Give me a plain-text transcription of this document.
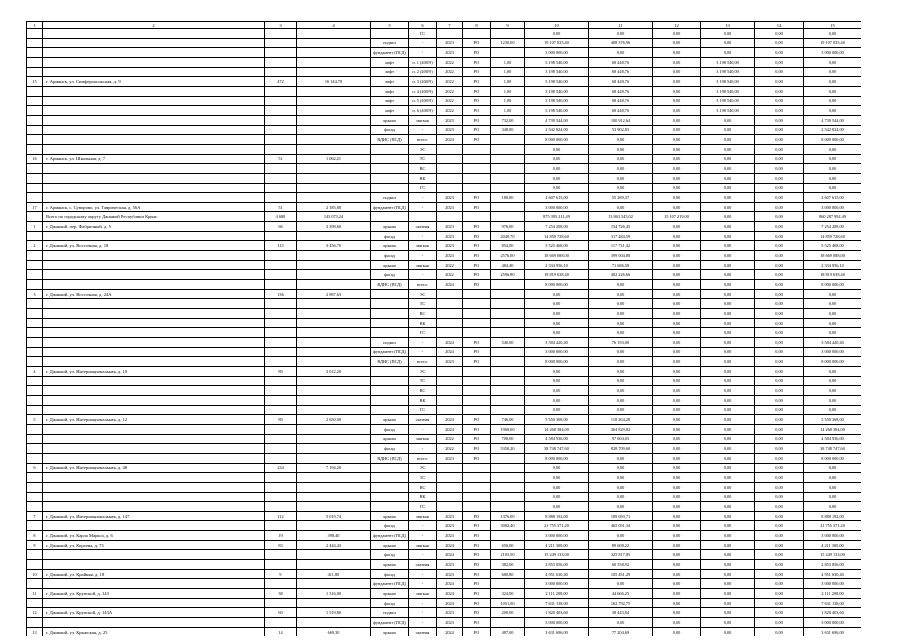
1	2	3	4	5	6	7	8	9	10	11	12	13	14	15
					ГС				0,00	0,00	0,00	0,00	0,00	0,00
				подвал	-	2023	РО	1230,00	19 107 035,40	408 376,96	0,00	0,00	0,00	19 107 035,40
				фундамент (ПСД)	-	2023	РО		3 000 000,00	0,00	0,00	0,00	0,00	3 000 000,00
				лифт	п. 1 (400/9)	2022	РО	1,00	3 198 540,00	68 448,76	0,00	3 198 540,00	0,00	0,00
				лифт	п. 2 (400/9)	2022	РО	1,00	3 198 540,00	68 448,76	0,00	3 198 540,00	0,00	0,00
15	г. Армянск, ул. Симферопольская, д. 9	472	16 144,70	лифт	п. 3 (400/9)	2022	РО	1,00	3 198 540,00	68 448,76	0,00	3 198 540,00	0,00	0,00
				лифт	п. 4 (400/9)	2022	РО	1,00	3 198 540,00	68 448,76	0,00	3 198 540,00	0,00	0,00
				лифт	п. 5 (400/9)	2022	РО	1,00	3 198 540,00	68 448,76	0,00	3 198 540,00	0,00	0,00
				лифт	п. 6 (400/9)	2022	РО	1,00	3 198 540,00	68 448,76	0,00	3 198 540,00	0,00	0,00
				крыша	мягкая	2023	РО	732,00	4 739 544,00	100 912,64	0,00	0,00	0,00	4 739 544,00
				фасад	-	2023	РО	348,00	2 542 824,00	53 902,83	0,00	0,00	0,00	2 542 824,00
				ВДИС (ПСД)	всего:	2024	РО		8 000 000,00	0,00	0,00	0,00	0,00	8 000 000,00
					ЭС				0,00	0,00	0,00	0,00	0,00	0,00
16	г. Армянск, ул. Школьная, д. 7	51	1 062,21		ТС				0,00	0,00	0,00	0,00	0,00	0,00
					ВС				0,00	0,00	0,00	0,00	0,00	0,00
					ВК				0,00	0,00	0,00	0,00	0,00	0,00
					ГС				0,00	0,00	0,00	0,00	0,00	0,00
				подвал	-	2023	РО	180,00	2 607 615,00	55 289,37	0,00	0,00	0,00	2 607 615,00
17	г. Армянск, с. Суворово, ул. Таврическая, д. 56А	51	2 185,80	фундамент (ПСД)	-	2023	РО		3 000 000,00	0,00	0,00	0,00	0,00	3 000 000,00
	Всего по городскому округу Джанкой Республики Крым:	4 688	143 073,24						875 395 211,49	13 863 545,02	15 107 219,00	0,00	0,00	860 287 992,49
1	г. Джанкой, пер. Фабричный, д. 5	66	3 398,60	крыша	скатная	2023	РО	976,00	7 254 208,00	154 726,45	0,00	0,00	0,00	7 254 208,00
				фасад	-	2023	РО	2049,70	14 859 728,60	317 484,59	0,00	0,00	0,00	14 859 728,60
2	г. Джанкой, ул. Восточная, д. 18	115	3 456,70	крыша	мягкая	2023	РО	854,00	5 525 468,00	117 731,42	0,00	0,00	0,00	5 525 468,00
				фасад	-	2023	РО	2576,00	18 669 088,00	399 004,88	0,00	0,00	0,00	18 669 088,00
				крыша	мягкая	2022	РО	484,40	2 334 956,10	71 686,58	0,00	0,00	0,00	2 334 956,10
				фасад	-	2022	РО	2596,80	18 819 638,40	402 226,66	0,00	0,00	0,00	18 819 638,40
				ВДИС (ПСД)	всего:	2024	РО		8 000 000,00	0,00	0,00	0,00	0,00	8 000 000,00
3	г. Джанкой, ул. Восточная, д. 24А	136	2 987,63		ЭС				0,00	0,00	0,00	0,00	0,00	0,00
					ТС				0,00	0,00	0,00	0,00	0,00	0,00
					ВС				0,00	0,00	0,00	0,00	0,00	0,00
					ВК				0,00	0,00	0,00	0,00	0,00	0,00
					ГС				0,00	0,00	0,00	0,00	0,00	0,00
				подвал	-	2024	РО	540,00	3 584 420,40	76 193,00	0,00	0,00	0,00	3 584 420,40
				фундамент (ПСД)	-	2024	РО		3 000 000,00	0,00	0,00	0,00	0,00	3 000 000,00
				ВДИС (ПСД)	всего:	2023	РО		8 000 000,00	0,00	0,00	0,00	0,00	8 000 000,00
4	г. Джанкой, ул. Интернациональная, д. 10	89	3 012,20		ЭС				0,00	0,00	0,00	0,00	0,00	0,00
					ТС				0,00	0,00	0,00	0,00	0,00	0,00
					ВС				0,00	0,00	0,00	0,00	0,00	0,00
					ВК				0,00	0,00	0,00	0,00	0,00	0,00
					ГС				0,00	0,00	0,00	0,00	0,00	0,00
5	г. Джанкой, ул. Интернациональная, д. 12	89	2 650,00	крыша	скатная	2024	РО	746,00	5 550 368,00	118 264,28	0,00	0,00	0,00	5 550 368,00
				фасад	-	2024	РО	1968,00	14 268 384,00	304 829,82	0,00	0,00	0,00	14 268 384,00
				крыша	мягкая	2022	РО	708,00	4 584 936,00	97 604,03	0,00	0,00	0,00	4 584 936,00
				фасад	-	2022	РО	5350,20	38 748 747,60	828 709,60	0,00	0,00	0,00	38 748 747,60
				ВДИС (ПСД)	всего:	2023	РО		8 000 000,00	0,00	0,00	0,00	0,00	8 000 000,00
6	г. Джанкой, ул. Интернациональная, д. 48	234	7 194,20		ЭС				0,00	0,00	0,00	0,00	0,00	0,00
					ТС				0,00	0,00	0,00	0,00	0,00	0,00
					ВС				0,00	0,00	0,00	0,00	0,00	0,00
					ВК				0,00	0,00	0,00	0,00	0,00	0,00
					ГС				0,00	0,00	0,00	0,00	0,00	0,00
7	г. Джанкой, ул. Интернациональная, д. 147	112	5 019,74	крыша	мягкая	2023	РО	1376,00	8 888 192,00	189 693,71	0,00	0,00	0,00	8 888 192,00
				фасад	-	2023	РО	3002,40	21 755 371,20	465 051,34	0,00	0,00	0,00	21 755 371,20
8	г. Джанкой, ул. Карла Маркса, д. 6	19	398,40	фундамент (ПСД)	-	2023	РО		3 000 000,00	0,00	0,00	0,00	0,00	3 000 000,00
9	г. Джанкой, ул. Короева, д. 73	83	2 444,43	крыша	мягкая	2024	РО	650,00	4 211 300,00	89 608,22	0,00	0,00	0,00	4 211 300,00
				фасад	-	2024	РО	2105,50	15 249 133,00	325 817,85	0,00	0,00	0,00	15 249 133,00
				крыша	скатная	2023	РО	382,00	2 853 856,00	60 558,92	0,00	0,00	0,00	2 853 856,00
10	г. Джанкой, ул. Крайняя, д. 18	9	411,80	фасад	-	2023	РО	680,80	4 951 630,40	105 451,29	0,00	0,00	0,00	4 951 630,40
				фундамент (ПСД)	-	2024	РО		3 000 000,00	0,00	0,00	0,00	0,00	3 000 000,00
11	г. Джанкой, ул. Крупской, д. 143	38	1 316,00	крыша	мягкая	2024	РО	324,00	2 111 208,00	44 666,25	0,00	0,00	0,00	2 111 208,00
				фасад	-	2024	РО	1051,00	7 631 138,00	162 792,75	0,00	0,00	0,00	7 631 138,00
12	г. Джанкой, ул. Крупской, д. 143А	60	1 519,80	подвал	-	2023	РО	200,00	1 820 403,60	38 443,04	0,00	0,00	0,00	1 820 403,60
				фундамент (ПСД)	-	2023	РО		3 000 000,00	0,00	0,00	0,00	0,00	3 000 000,00
13	г. Джанкой, ул. Крымская, д. 25	14	669,30	крыша	скатная	2024	РО	487,00	3 631 696,00	77 204,69	0,00	0,00	0,00	3 631 696,00
